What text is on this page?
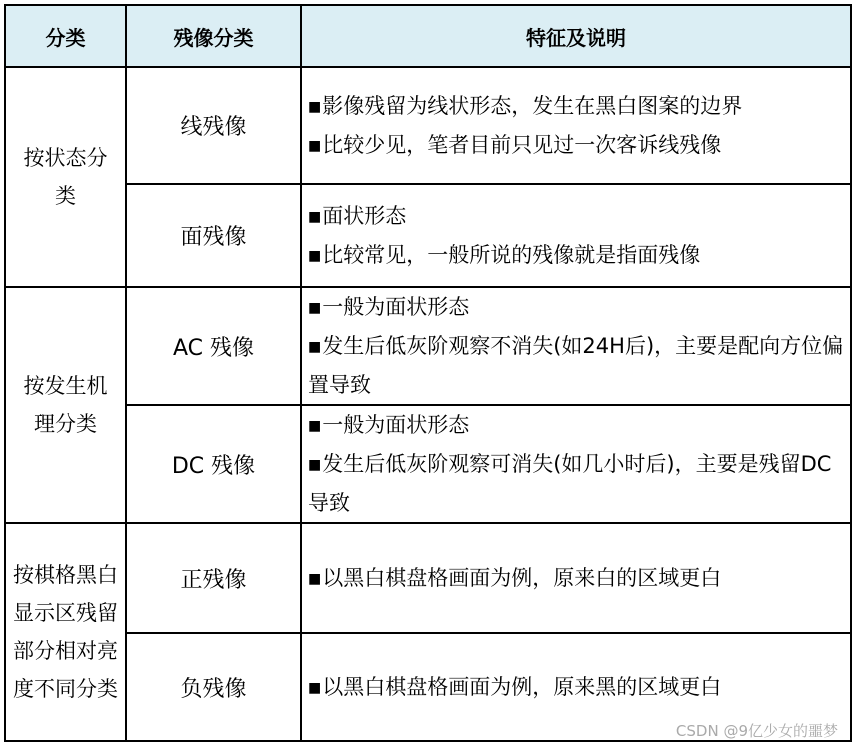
分类	残像分类	特征及说明

按状态分类	线残像	■影像残留为线状形态，发生在黑白图案的边界
■比较少见，笔者目前只见过一次客诉线残像

	面残像	■面状形态
■比较常见，一般所说的残像就是指面残像

按发生机理分类	AC 残像	■一般为面状形态
■发生后低灰阶观察不消失(如24H后)，主要是配向方位偏置导致

	DC 残像	■一般为面状形态
■发生后低灰阶观察可消失(如几小时后)，主要是残留DC导致

按棋格黑白显示区残留部分相对亮度不同分类	正残像	■以黑白棋盘格画面为例，原来白的区域更白

	负残像	■以黑白棋盘格画面为例，原来黑的区域更白
CSDN @9亿少女的噩梦
